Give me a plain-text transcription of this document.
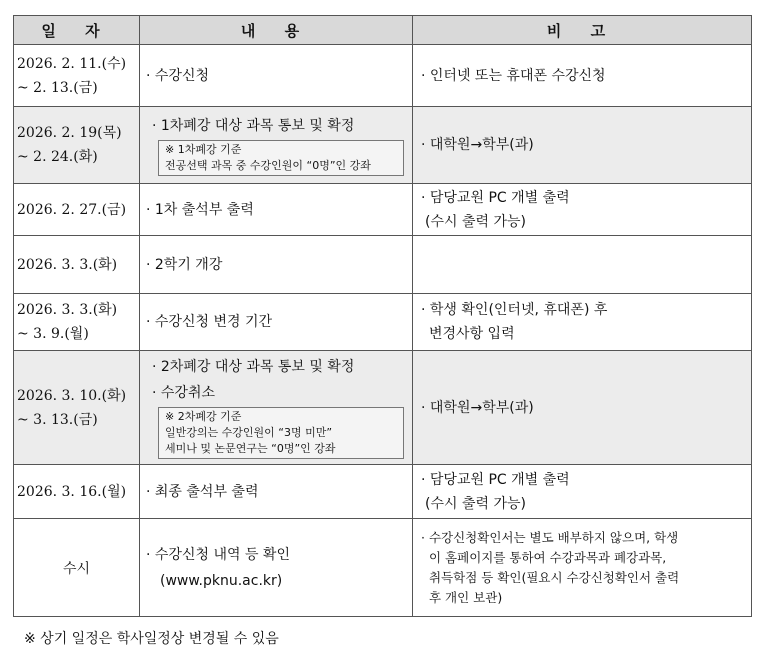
일 자	내 용	비 고

2026. 2. 11.(수)
~ 2. 13.(금)	· 수강신청	· 인터넷 또는 휴대폰 수강신청

2026. 2. 19(목)
~ 2. 24.(화)	· 1차폐강 대상 과목 통보 및 확정
※ 1차폐강 기준
전공선택 과목 중 수강인원이 “0명”인 강좌	· 대학원→학부(과)

2026. 2. 27.(금)	· 1차 출석부 출력	· 담당교원 PC 개별 출력
(수시 출력 가능)

2026. 3. 3.(화)	· 2학기 개강	

2026. 3. 3.(화)
~ 3. 9.(월)	· 수강신청 변경 기간	· 학생 확인(인터넷, 휴대폰) 후
변경사항 입력

2026. 3. 10.(화)
~ 3. 13.(금)	· 2차폐강 대상 과목 통보 및 확정
· 수강취소
※ 2차폐강 기준
일반강의는 수강인원이 “3명 미만”
세미나 및 논문연구는 “0명”인 강좌	· 대학원→학부(과)

2026. 3. 16.(월)	· 최종 출석부 출력	· 담당교원 PC 개별 출력
(수시 출력 가능)

수시	· 수강신청 내역 등 확인
(www.pknu.ac.kr)	· 수강신청확인서는 별도 배부하지 않으며, 학생
이 홈페이지를 통하여 수강과목과 폐강과목,
취득학점 등 확인(필요시 수강신청확인서 출력
후 개인 보관)
※ 상기 일정은 학사일정상 변경될 수 있음
